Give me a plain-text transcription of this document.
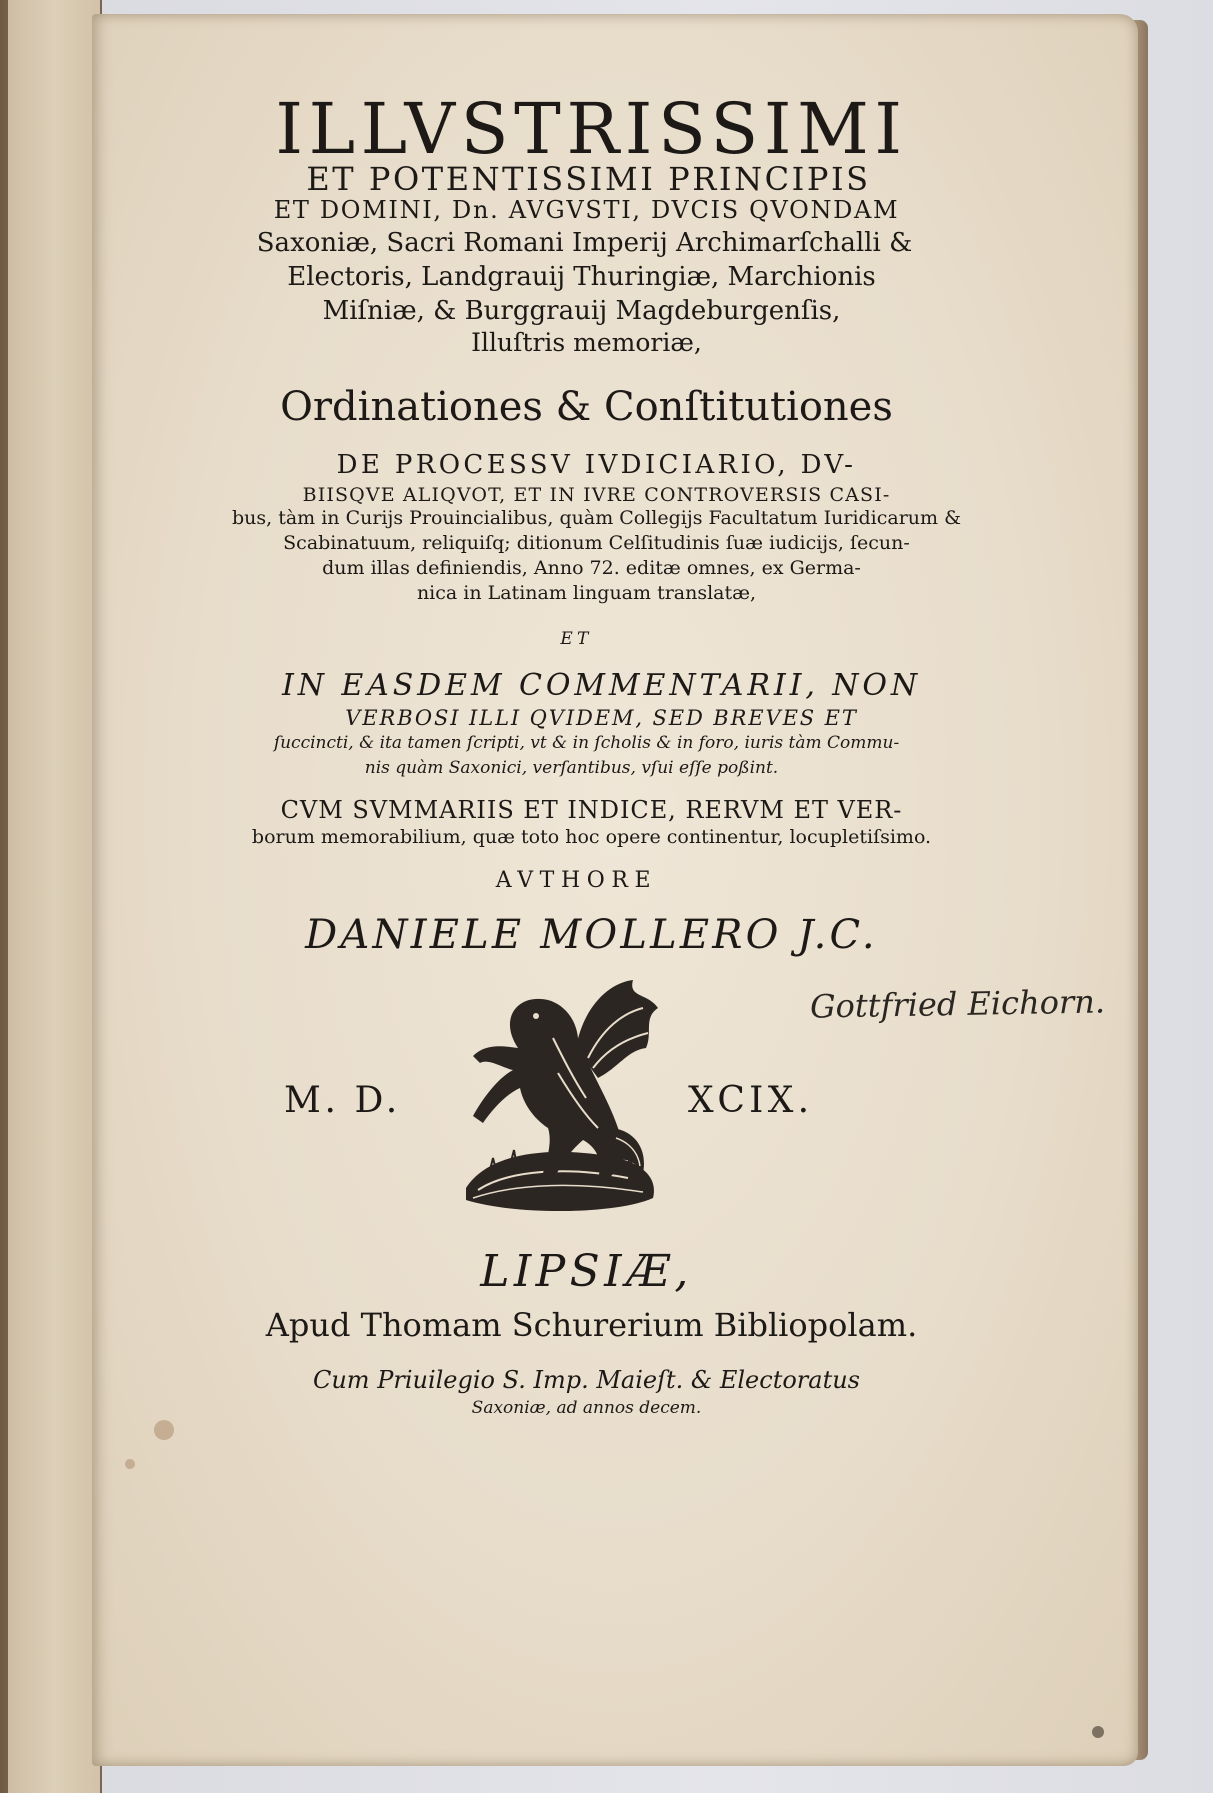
ILLVSTRISSIMI

ET POTENTISSIMI PRINCIPIS

ET DOMINI, Dn. AVGVSTI, DVCIS QVONDAM

Saxoniæ, Sacri Romani Imperij Archimarſchalli &

Electoris, Landgrauij Thuringiæ, Marchionis

Miſniæ, & Burggrauij Magdeburgenſis,

Illuſtris memoriæ,

Ordinationes & Conſtitutiones

DE PROCESSV IVDICIARIO, DV-

BIISQVE ALIQVOT, ET IN IVRE CONTROVERSIS CASI-

bus, tàm in Curijs Prouincialibus, quàm Collegijs Facultatum Iuridicarum &

Scabinatuum, reliquiſq; ditionum Celſitudinis ſuæ iudicijs, ſecun-

dum illas definiendis, Anno 72. editæ omnes, ex Germa-

nica in Latinam linguam translatæ,

ET

IN EASDEM COMMENTARII, NON

VERBOSI ILLI QVIDEM, SED BREVES ET

ſuccincti, & ita tamen ſcripti, vt & in ſcholis & in foro, iuris tàm Commu-

nis quàm Saxonici, verſantibus, vſui eſſe poßint.

CVM SVMMARIIS ET INDICE, RERVM ET VER-

borum memorabilium, quæ toto hoc opere continentur, locupletiſsimo.

AVTHORE

DANIELE MOLLERO J.C.

Gottfried Eichorn.

M. D.	XCIX.

LIPSIÆ,

Apud Thomam Schurerium Bibliopolam.

Cum Priuilegio S. Imp. Maieſt. & Electoratus

Saxoniæ, ad annos decem.
